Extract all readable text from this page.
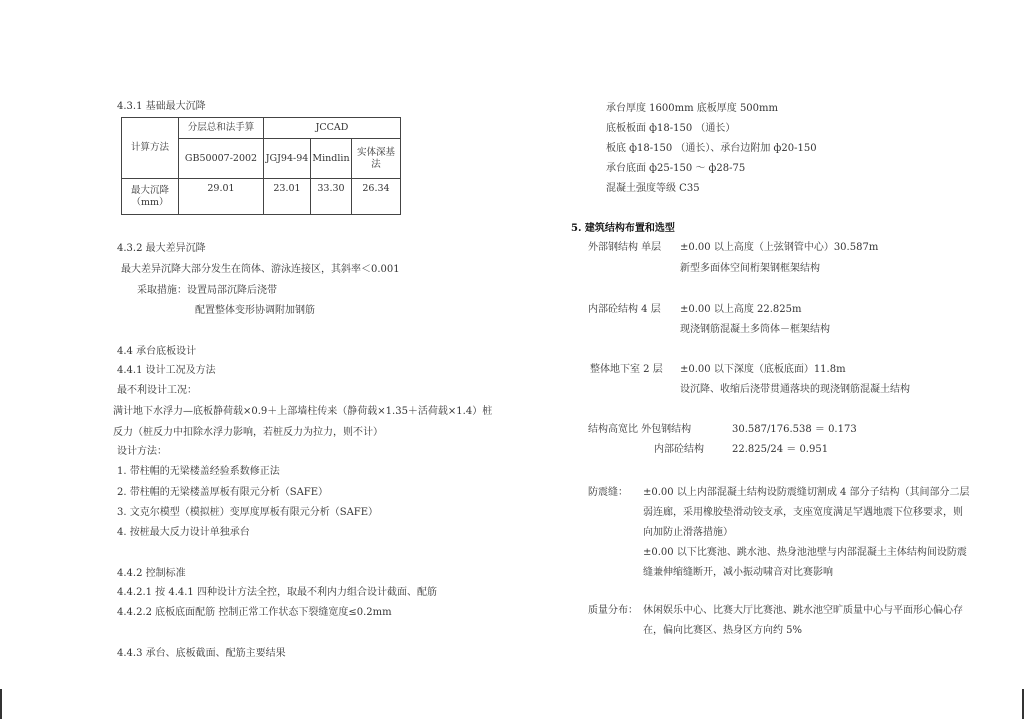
4.3.1 基础最大沉降
计算方法	分层总和法手算	JCCAD		
	GB50007-2002	JGJ94-94	Mindlin	实体深基
法

最大沉降
（mm）	29.01	23.01	33.30	26.34
4.3.2 最大差异沉降
最大差异沉降大部分发生在筒体、游泳连接区，其斜率＜0.001
采取措施：设置局部沉降后浇带
配置整体变形协调附加钢筋
4.4 承台底板设计
4.4.1 设计工况及方法
最不利设计工况：
满计地下水浮力—底板静荷载×0.9＋上部墙柱传来（静荷载×1.35＋活荷载×1.4）桩
反力（桩反力中扣除水浮力影响，若桩反力为拉力，则不计）
设计方法：
1. 带柱帽的无梁楼盖经验系数修正法
2. 带柱帽的无梁楼盖厚板有限元分析（SAFE）
3. 文克尔模型（模拟桩）变厚度厚板有限元分析（SAFE）
4. 按桩最大反力设计单独承台
4.4.2 控制标准
4.4.2.1 按 4.4.1 四种设计方法全控，取最不利内力组合设计截面、配筋
4.4.2.2 底板底面配筋 控制正常工作状态下裂缝宽度≤0.2mm
4.4.3 承台、底板截面、配筋主要结果
承台厚度 1600mm 底板厚度 500mm
底板板面 ф18-150 （通长）
板底 ф18-150 （通长）、承台边附加 ф20-150
承台底面 ф25-150 ～ ф28-75
混凝土强度等级 C35
5. 建筑结构布置和选型
外部钢结构 单层 ±0.00 以上高度（上弦钢管中心）30.587m
新型多面体空间桁架钢框架结构
内部砼结构 4 层 ±0.00 以上高度 22.825m
现浇钢筋混凝土多筒体－框架结构
整体地下室 2 层 ±0.00 以下深度（底板底面）11.8m
设沉降、收缩后浇带贯通落块的现浇钢筋混凝土结构
结构高宽比 外包钢结构	30.587/176.538 ＝ 0.173
内部砼结构	22.825/24 ＝ 0.951
防震缝： ±0.00 以上内部混凝土结构设防震缝切割成 4 部分子结构（其间部分二层
弱连廊，采用橡胶垫滑动铰支承，支座宽度满足罕遇地震下位移要求，则
向加防止滑落措施）
±0.00 以下比赛池、跳水池、热身池池壁与内部混凝土主体结构间设防震
缝兼伸缩缝断开，减小振动啸音对比赛影响
质量分布： 休闲娱乐中心、比赛大厅比赛池、跳水池空旷质量中心与平面形心偏心存
在，偏向比赛区、热身区方向约 5%
